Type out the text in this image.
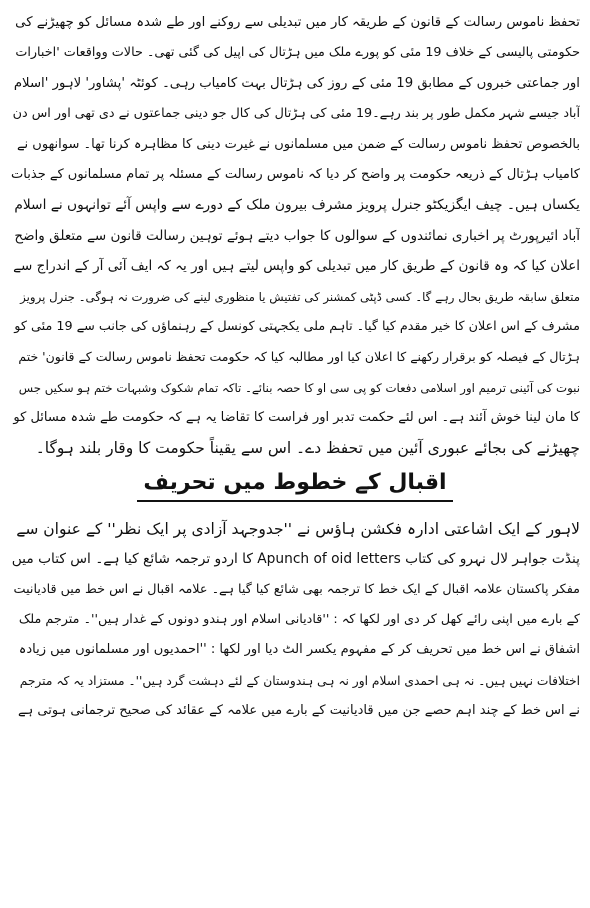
تحفظ ناموس رسالت کے قانون کے طریقہ کار میں تبدیلی سے روکنے اور طے شدہ مسائل کو چھیڑنے کی
حکومتی پالیسی کے خلاف 19 مئی کو پورے ملک میں ہڑتال کی اپیل کی گئی تھی۔ حالات وواقعات 'اخبارات
اور جماعتی خبروں کے مطابق 19 مئی کے روز کی ہڑتال بہت کامیاب رہی۔ کوئٹہ 'پشاور' لاہور 'اسلام
آباد جیسے شہر مکمل طور پر بند رہے۔19 مئی کی ہڑتال کی کال جو دینی جماعتوں نے دی تھی اور اس دن
بالخصوص تحفظ ناموس رسالت کے ضمن میں مسلمانوں نے غیرت دینی کا مظاہرہ کرنا تھا۔ سوانھوں نے
کامیاب ہڑتال کے ذریعہ حکومت پر واضح کر دیا کہ ناموس رسالت کے مسئلہ پر تمام مسلمانوں کے جذبات
یکساں ہیں۔ چیف ایگزیکٹو جنرل پرویز مشرف بیرون ملک کے دورے سے واپس آئے توانہوں نے اسلام
آباد ائیرپورٹ پر اخباری نمائندوں کے سوالوں کا جواب دیتے ہوئے توہین رسالت قانون سے متعلق واضح
اعلان کیا کہ وہ قانون کے طریق کار میں تبدیلی کو واپس لیتے ہیں اور یہ کہ ایف آئی آر کے اندراج سے
متعلق سابقہ طریق بحال رہے گا۔ کسی ڈپٹی کمشنر کی تفتیش یا منظوری لینے کی ضرورت نہ ہوگی۔ جنرل پرویز
مشرف کے اس اعلان کا خیر مقدم کیا گیا۔ تاہم ملی یکجہتی کونسل کے رہنماؤں کی جانب سے 19 مئی کو
ہڑتال کے فیصلہ کو برقرار رکھنے کا اعلان کیا اور مطالبہ کیا کہ حکومت تحفظ ناموس رسالت کے قانون' ختم
نبوت کی آئینی ترمیم اور اسلامی دفعات کو پی سی او کا حصہ بنائے۔ تاکہ تمام شکوک وشبہات ختم ہو سکیں جس
کا مان لینا خوش آئند ہے۔ اس لئے حکمت تدبر اور فراست کا تقاضا یہ ہے کہ حکومت طے شدہ مسائل کو
چھیڑنے کی بجائے عبوری آئین میں تحفظ دے۔ اس سے یقیناً حکومت کا وقار بلند ہوگا۔
اقبال کے خطوط میں تحریف
لاہور کے ایک اشاعتی ادارہ فکشن ہاؤس نے ''جدوجہد آزادی پر ایک نظر'' کے عنوان سے
پنڈت جواہر لال نہرو کی کتاب Apunch of oid letters کا اردو ترجمہ شائع کیا ہے۔ اس کتاب میں
مفکر پاکستان علامہ اقبال کے ایک خط کا ترجمہ بھی شائع کیا گیا ہے۔ علامہ اقبال نے اس خط میں قادیانیت
کے بارے میں اپنی رائے کھل کر دی اور لکھا کہ : ''قادیانی اسلام اور ہندو دونوں کے غدار ہیں''۔ مترجم ملک
اشفاق نے اس خط میں تحریف کر کے مفہوم یکسر الٹ دیا اور لکھا : ''احمدیوں اور مسلمانوں میں زیادہ
اختلافات نہیں ہیں۔ نہ ہی احمدی اسلام اور نہ ہی ہندوستان کے لئے دہشت گرد ہیں''۔ مستزاد یہ کہ مترجم
نے اس خط کے چند اہم حصے جن میں قادیانیت کے بارے میں علامہ کے عقائد کی صحیح ترجمانی ہوتی ہے
